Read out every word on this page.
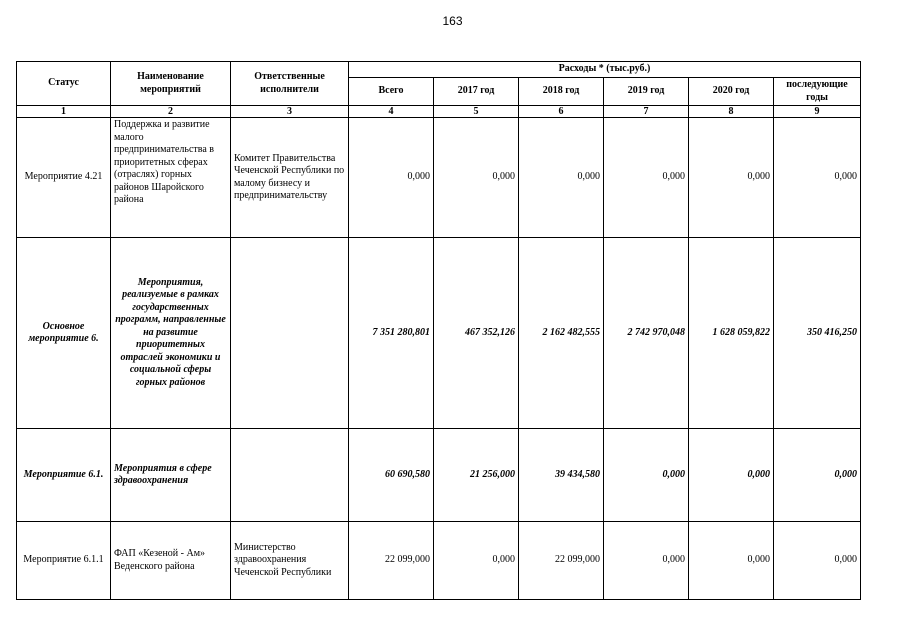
163
Статус	Наименование мероприятий	Ответственные исполнители	Расходы * (тыс.руб.)					
			Всего	2017 год	2018 год	2019 год	2020 год	последующие годы
1	2	3	4	5	6	7	8	9
Мероприятие 4.21	Поддержка и развитие малого предпринимательства в приоритетных сферах (отраслях) горных районов Шаройского района	Комитет Правительства Чеченской Республики по малому бизнесу и предпринимательству	0,000	0,000	0,000	0,000	0,000	0,000
Основное мероприятие 6.	Мероприятия, реализуемые в рамках государственных программ, направленные на развитие приоритетных отраслей экономики и социальной сферы горных районов		7 351 280,801	467 352,126	2 162 482,555	2 742 970,048	1 628 059,822	350 416,250
Мероприятие 6.1.	Мероприятия в сфере здравоохранения		60 690,580	21 256,000	39 434,580	0,000	0,000	0,000
Мероприятие 6.1.1	ФАП «Кезеной - Ам» Веденского района	Министерство здравоохранения Чеченской Республики	22 099,000	0,000	22 099,000	0,000	0,000	0,000
